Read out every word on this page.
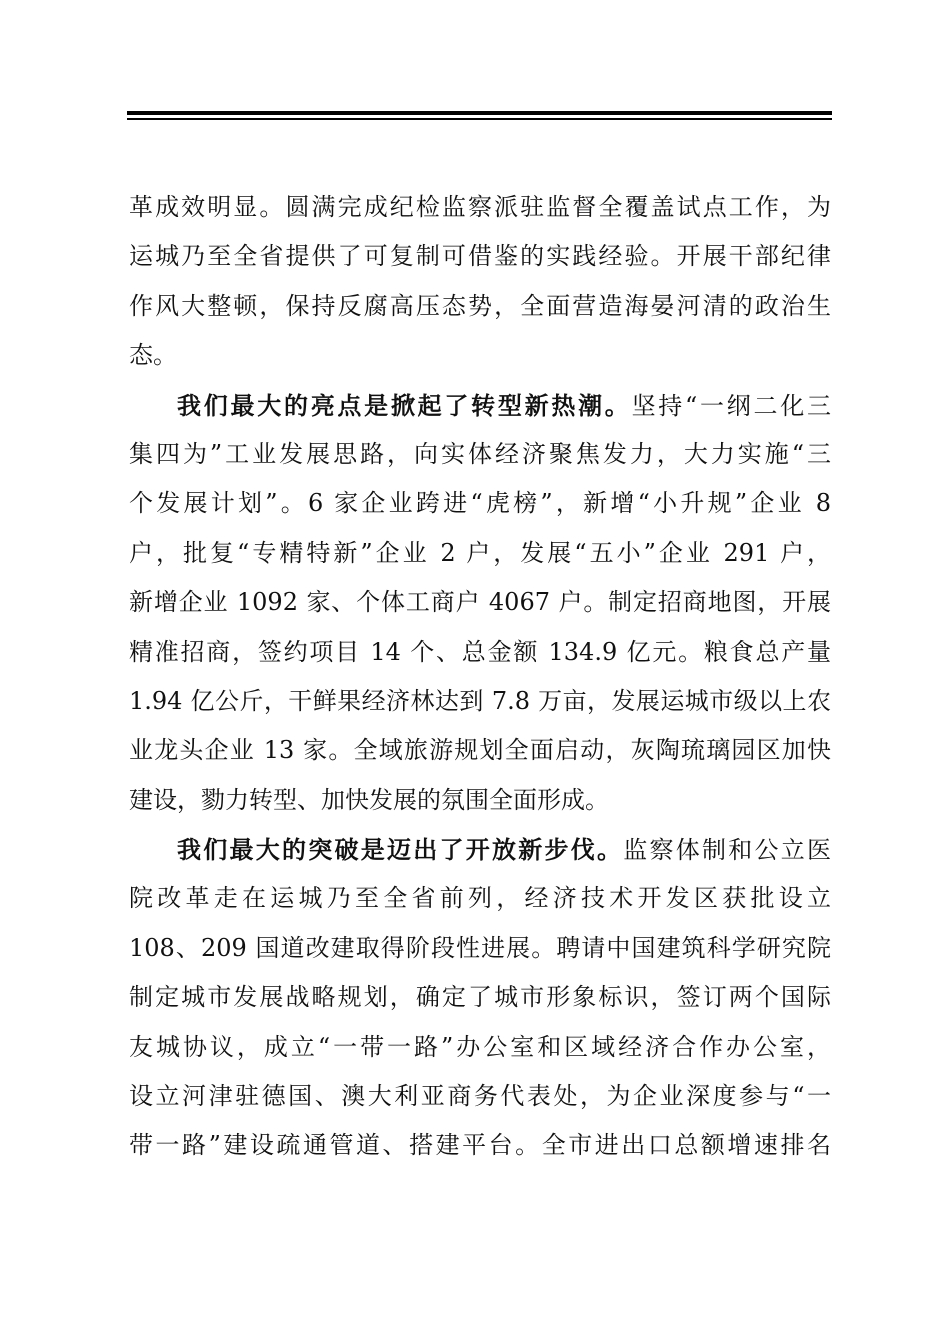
革成效明显。圆满完成纪检监察派驻监督全覆盖试点工作，为
运城乃至全省提供了可复制可借鉴的实践经验。开展干部纪律
作风大整顿，保持反腐高压态势，全面营造海晏河清的政治生
态。

我们最大的亮点是掀起了转型新热潮。坚持“一纲二化三
集四为”工业发展思路，向实体经济聚焦发力，大力实施“三
个发展计划”。6 家企业跨进“虎榜”，新增“小升规”企业 8
户，批复“专精特新”企业 2 户，发展“五小”企业 291 户，
新增企业 1092 家、个体工商户 4067 户。制定招商地图，开展
精准招商，签约项目 14 个、总金额 134.9 亿元。粮食总产量
1.94 亿公斤，干鲜果经济林达到 7.8 万亩，发展运城市级以上农
业龙头企业 13 家。全域旅游规划全面启动，灰陶琉璃园区加快
建设，勠力转型、加快发展的氛围全面形成。

我们最大的突破是迈出了开放新步伐。监察体制和公立医
院改革走在运城乃至全省前列，经济技术开发区获批设立
108、209 国道改建取得阶段性进展。聘请中国建筑科学研究院
制定城市发展战略规划，确定了城市形象标识，签订两个国际
友城协议，成立“一带一路”办公室和区域经济合作办公室，
设立河津驻德国、澳大利亚商务代表处，为企业深度参与“一
带一路”建设疏通管道、搭建平台。全市进出口总额增速排名
